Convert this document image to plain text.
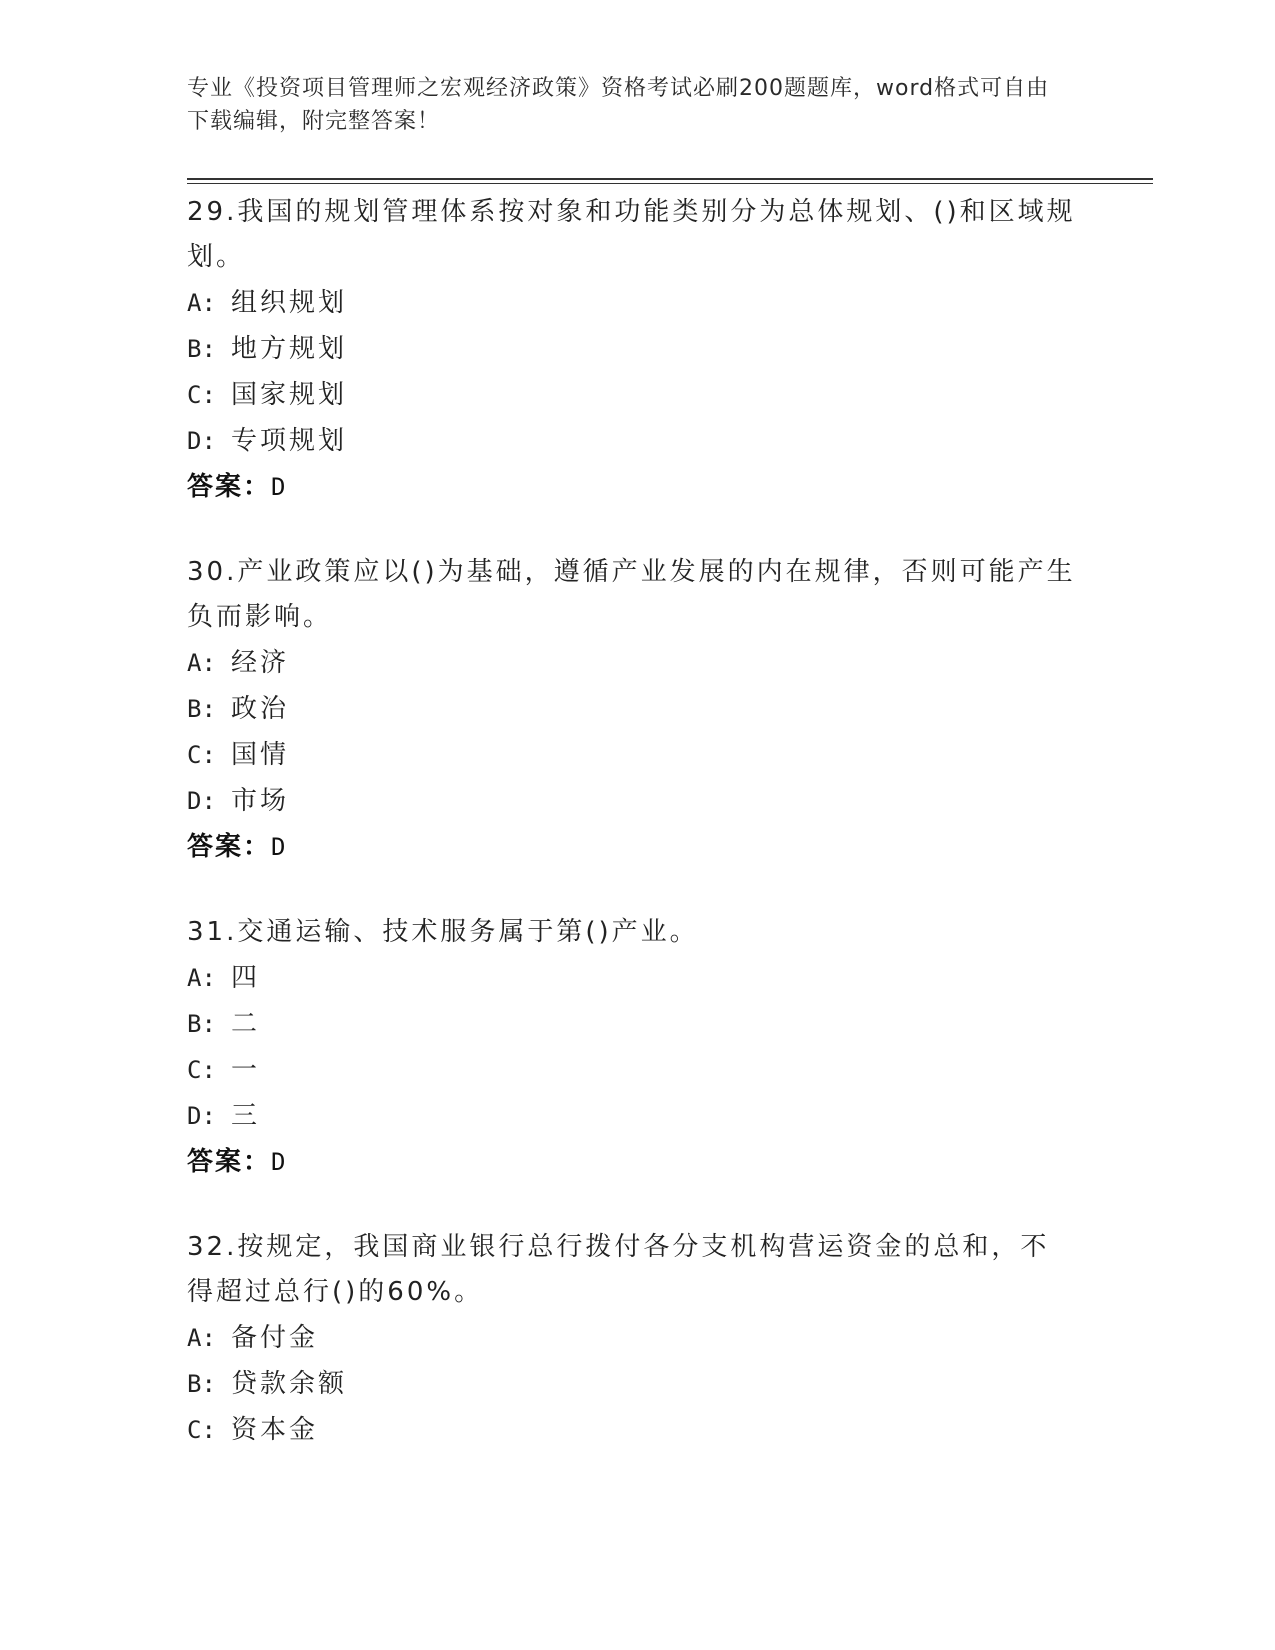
专业《投资项目管理师之宏观经济政策》资格考试必刷200题题库，word格式可自由下载编辑，附完整答案！

29.我国的规划管理体系按对象和功能类别分为总体规划、()和区域规划。

A: 组织规划
B: 地方规划
C: 国家规划
D: 专项规划
答案：D

30.产业政策应以()为基础，遵循产业发展的内在规律，否则可能产生负而影响。

A: 经济
B: 政治
C: 国情
D: 市场
答案：D

31.交通运输、技术服务属于第()产业。

A: 四
B: 二
C: 一
D: 三
答案：D

32.按规定，我国商业银行总行拨付各分支机构营运资金的总和，不得超过总行()的60%。

A: 备付金
B: 贷款余额
C: 资本金
